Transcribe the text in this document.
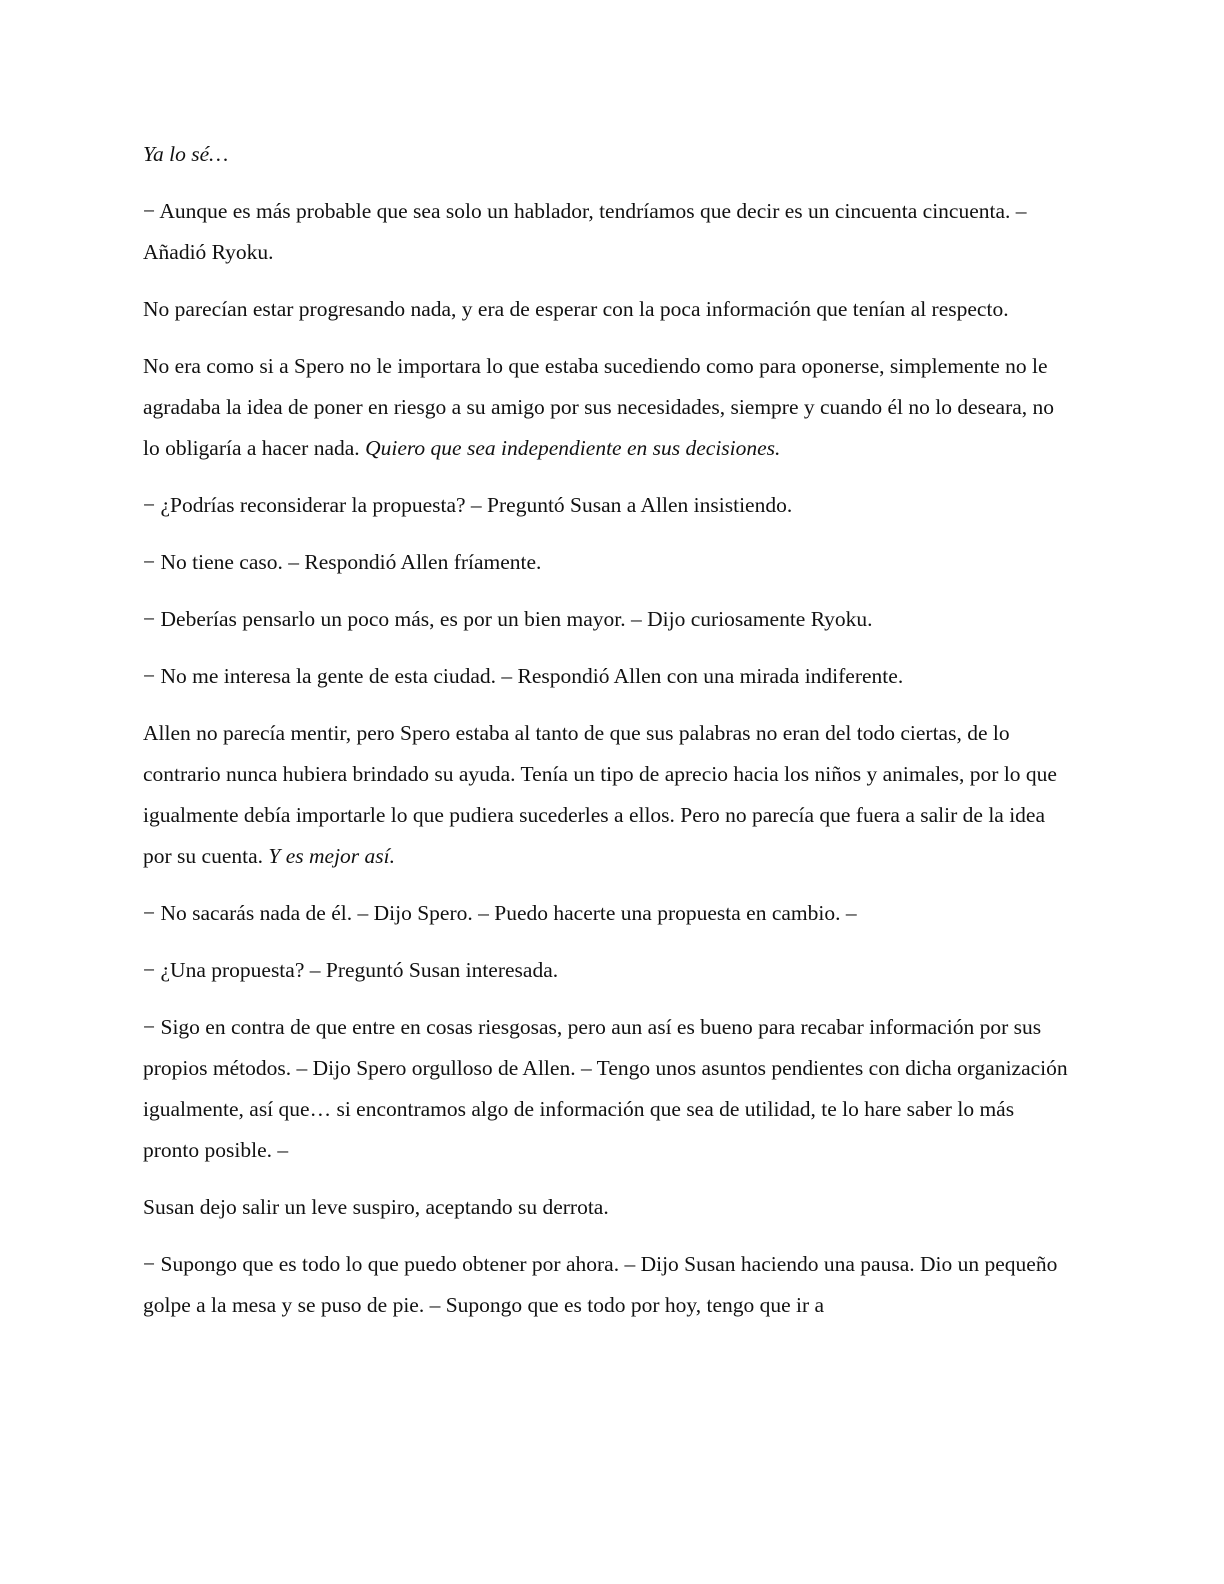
Ya lo sé…

− Aunque es más probable que sea solo un hablador, tendríamos que decir es un cincuenta cincuenta. – Añadió Ryoku.

No parecían estar progresando nada, y era de esperar con la poca información que tenían al respecto.

No era como si a Spero no le importara lo que estaba sucediendo como para oponerse, simplemente no le agradaba la idea de poner en riesgo a su amigo por sus necesidades, siempre y cuando él no lo deseara, no lo obligaría a hacer nada. Quiero que sea independiente en sus decisiones.

− ¿Podrías reconsiderar la propuesta? – Preguntó Susan a Allen insistiendo.

− No tiene caso. – Respondió Allen fríamente.

− Deberías pensarlo un poco más, es por un bien mayor. – Dijo curiosamente Ryoku.

− No me interesa la gente de esta ciudad. – Respondió Allen con una mirada indiferente.

Allen no parecía mentir, pero Spero estaba al tanto de que sus palabras no eran del todo ciertas, de lo contrario nunca hubiera brindado su ayuda. Tenía un tipo de aprecio hacia los niños y animales, por lo que igualmente debía importarle lo que pudiera sucederles a ellos. Pero no parecía que fuera a salir de la idea por su cuenta. Y es mejor así.

− No sacarás nada de él. – Dijo Spero. – Puedo hacerte una propuesta en cambio. –

− ¿Una propuesta? – Preguntó Susan interesada.

− Sigo en contra de que entre en cosas riesgosas, pero aun así es bueno para recabar información por sus propios métodos. – Dijo Spero orgulloso de Allen. – Tengo unos asuntos pendientes con dicha organización igualmente, así que… si encontramos algo de información que sea de utilidad, te lo hare saber lo más pronto posible. –

Susan dejo salir un leve suspiro, aceptando su derrota.

− Supongo que es todo lo que puedo obtener por ahora. – Dijo Susan haciendo una pausa. Dio un pequeño golpe a la mesa y se puso de pie. – Supongo que es todo por hoy, tengo que ir a
